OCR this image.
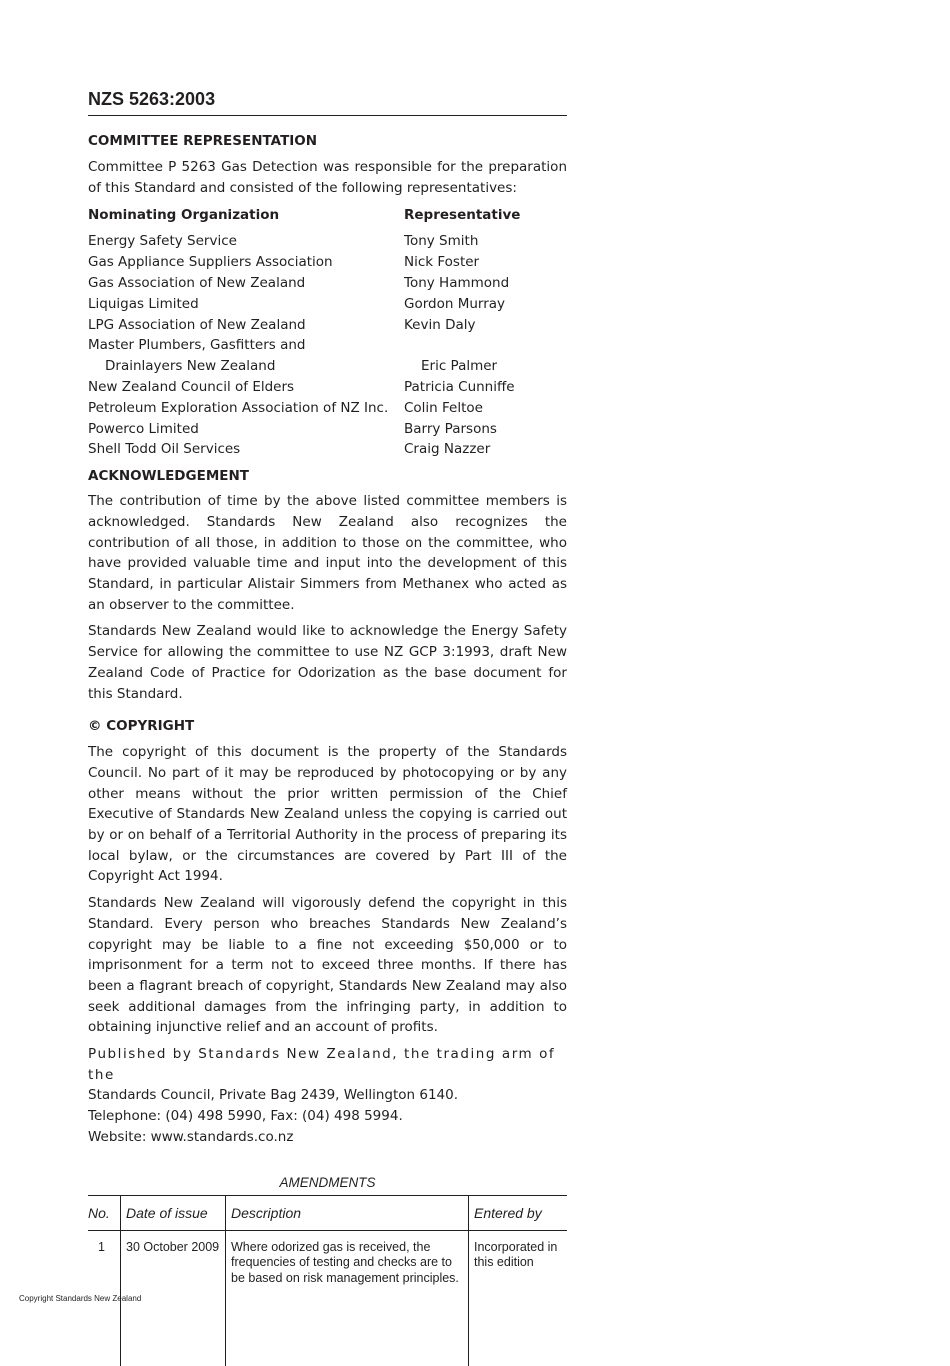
NZS 5263:2003
COMMITTEE REPRESENTATION

Committee P 5263 Gas Detection was responsible for the preparation of this Standard and consisted of the following representatives:

Nominating Organization	Representative
Energy Safety Service	Tony Smith
Gas Appliance Suppliers Association	Nick Foster
Gas Association of New Zealand	Tony Hammond
Liquigas Limited	Gordon Murray
LPG Association of New Zealand	Kevin Daly
Master Plumbers, Gasfitters and
Drainlayers New Zealand	Eric Palmer
New Zealand Council of Elders	Patricia Cunniffe
Petroleum Exploration Association of NZ Inc.	Colin Feltoe
Powerco Limited	Barry Parsons
Shell Todd Oil Services	Craig Nazzer
ACKNOWLEDGEMENT

The contribution of time by the above listed committee members is acknowledged. Standards New Zealand also recognizes the contribution of all those, in addition to those on the committee, who have provided valuable time and input into the development of this Standard, in particular Alistair Simmers from Methanex who acted as an observer to the committee.

Standards New Zealand would like to acknowledge the Energy Safety Service for allowing the committee to use NZ GCP 3:1993, draft New Zealand Code of Practice for Odorization as the base document for this Standard.

© COPYRIGHT

The copyright of this document is the property of the Standards Council. No part of it may be reproduced by photocopying or by any other means without the prior written permission of the Chief Executive of Standards New Zealand unless the copying is carried out by or on behalf of a Territorial Authority in the process of preparing its local bylaw, or the circumstances are covered by Part III of the Copyright Act 1994.

Standards New Zealand will vigorously defend the copyright in this Standard. Every person who breaches Standards New Zealand’s copyright may be liable to a fine not exceeding $50,000 or to imprisonment for a term not to exceed three months. If there has been a flagrant breach of copyright, Standards New Zealand may also seek additional damages from the infringing party, in addition to obtaining injunctive relief and an account of profits.

Published by Standards New Zealand, the trading arm of the
Standards Council, Private Bag 2439, Wellington 6140.
Telephone: (04) 498 5990, Fax: (04) 498 5994.
Website: www.standards.co.nz
AMENDMENTS
No.	Date of issue	Description	Entered by
1	30 October 2009	Where odorized gas is received, the frequencies of testing and checks are to be based on risk management principles.	Incorporated in this edition
Copyright Standards New Zealand
